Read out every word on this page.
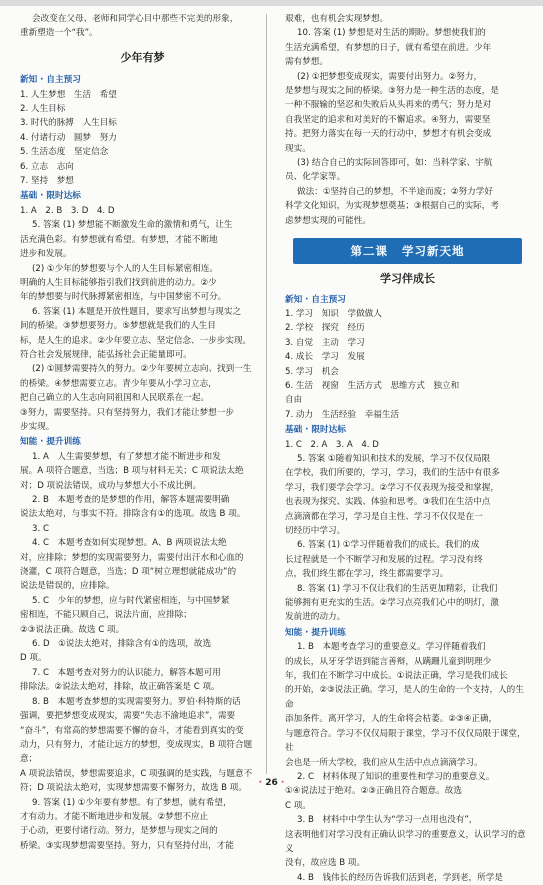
会改变在父母、老师和同学心目中那些不完美的形象，

重新塑造一个“我”。

少年有梦
新知 · 自主预习

1. 人生梦想　生活　希望

2. 人生目标

3. 时代的脉搏　人生目标

4. 付诸行动　圆梦　努力

5. 生活态度　坚定信念

6. 立志　志向

7. 坚持　梦想

基础 · 限时达标

1. A　2. B　3. D　4. D

5. 答案 (1) 梦想能不断激发生命的激情和勇气，让生

活充满色彩。有梦想就有希望。有梦想，才能不断地

进步和发展。

(2) ①少年的梦想要与个人的人生目标紧密相连。

明确的人生目标能够指引我们找到前进的动力。②少

年的梦想要与时代脉搏紧密相连，与中国梦密不可分。

6. 答案 (1) 本题是开放性题目，要求写出梦想与现实之

间的桥梁。③梦想要努力。⑤梦想就是我们的人生目

标，是人生的追求。②少年要立志、坚定信念、一步步实现。

符合社会发展规律，能弘扬社会正能量即可。

(2) ①圆梦需要持久的努力。②少年要树立志向、找到一生

的桥梁。④梦想需要立志。青少年要从小学习立志，

把自己确立的人生志向同祖国和人民联系在一起。

③努力，需要坚持。只有坚持努力，我们才能让梦想一步

步实现。

知能 · 提升训练

1. A　人生需要梦想，有了梦想才能不断进步和发

展。A 项符合题意，当选；B 项与材料无关；C 项说法太绝

对；D 项说法错误，成功与梦想大小不成比例。

2. B　本题考查的是梦想的作用，解答本题需要明确

说法太绝对，与事实不符。排除含有①的选项。故选 B 项。

3. C

4. C　本题考查如何实现梦想。A、B 两项说法太绝

对，应排除；梦想的实现需要努力，需要付出汗水和心血的

浇灌，C 项符合题意，当选；D 项“树立理想就能成功”的

说法是错误的，应排除。

5. C　少年的梦想，应与时代紧密相连，与中国梦紧

密相连，不能只顾自己，说法片面，应排除；

②③说法正确。故选 C 项。

6. D　①说法太绝对，排除含有①的选项，故选

D 项。

7. C　本题考查对努力的认识能力，解答本题可用

排除法。②说法太绝对，排除，故正确答案是 C 项。

8. B　本题考查梦想的实现需要努力。罗伯·科特斯的话

强调，要把梦想变成现实，需要“失志不渝地追求”，需要

“奋斗”，有常高的梦想需要不懈的奋斗，才能看到真实的变

动力，只有努力，才能让远方的梦想，变成现实，B 项符合题意；

A 项说法错误，梦想需要追求，C 项强调的是实践，与题意不

符；D 项说法太绝对，实现梦想需要不懈努力，故选 B 项。

9. 答案 (1) ①少年要有梦想。有了梦想，就有希望，

才有动力。才能不断地进步和发展。②梦想不应止

于心动，更要付诸行动。努力，是梦想与现实之间的

桥梁。③实现梦想需要坚持。努力，只有坚持付出，才能

艰难，也有机会实现梦想。

10. 答案 (1) 梦想是对生活的期盼。梦想使我们的

生活充满希望，有梦想的日子，就有希望在前进。少年

需有梦想。

(2) ①把梦想变成现实，需要付出努力。②努力，

是梦想与现实之间的桥梁。③努力是一种生活的态度，是

一种不服输的坚忍和失败后从头再来的勇气；努力是对

自我坚定的追求和对美好的不懈追求。④努力，需要坚

持。把努力落实在每一天的行动中，梦想才有机会变成

现实。

(3) 结合自己的实际回答即可，如：当科学家、宇航

员、化学家等。

做法：①坚持自己的梦想，不半途而废；②努力学好

科学文化知识，为实现梦想奠基；③根据自己的实际，考

虑梦想实现的可能性。

第二课 学习新天地
学习伴成长
新知 · 自主预习

1. 学习　知识　学做做人

2. 学校　探究　经历

3. 自觉　主动　学习

4. 成长　学习　发展

5. 学习　机会

6. 生活　视窗　生活方式　思维方式　独立和

自由

7. 动力　生活经验　幸福生活

基础 · 限时达标

1. C　2. A　3. A　4. D

5. 答案 ①随着知识和技术的发展，学习不仅仅局限

在学校，我们所要的，学习，学习，我们的生活中有很多

学习，我们要学会学习。②学习不仅表现为接受和掌握，

也表现为探究、实践、体验和思考。③我们在生活中点

点滴滴都在学习，学习是自主性、学习不仅仅是在一

切经历中学习。

6. 答案 (1) ①学习伴随着我们的成长。我们的成

长过程就是一个不断学习和发展的过程。学习没有终

点，我们终生都在学习，终生都需要学习。

8. 答案 (1) 学习不仅让我们的生活更加精彩，让我们

能够拥有更充实的生活。②学习点亮我们心中的明灯，激

发前进的动力。

知能 · 提升训练

1. B　本题考查学习的重要意义。学习伴随着我们

的成长，从牙牙学语到能言善辩，从蹒跚儿童到明理少

年，我们在不断学习中成长。①说法正确，学习是我们成长

的开始，②③说法正确。学习，是人的生命的一个支持，人的生命

添加条件。离开学习，人的生命将会枯萎。②③④正确，

与题意符合。学习不仅仅局限于课堂，学习不仅仅局限于课堂，社

会也是一所大学校，我们应从生活中点点滴滴学习。

2. C　材料体现了知识的重要性和学习的重要意义。

①④说法过于绝对。②③正确且符合题意。故选

C 项。

3. B　材料中中学生认为“学习一点用也没有”，

这表明他们对学习没有正确认识学习的重要意义，认识学习的意义

没有，故应选 B 项。

4. B　钱伟长的经历告诉我们活到老，学到老，所学是

· 26 ·
